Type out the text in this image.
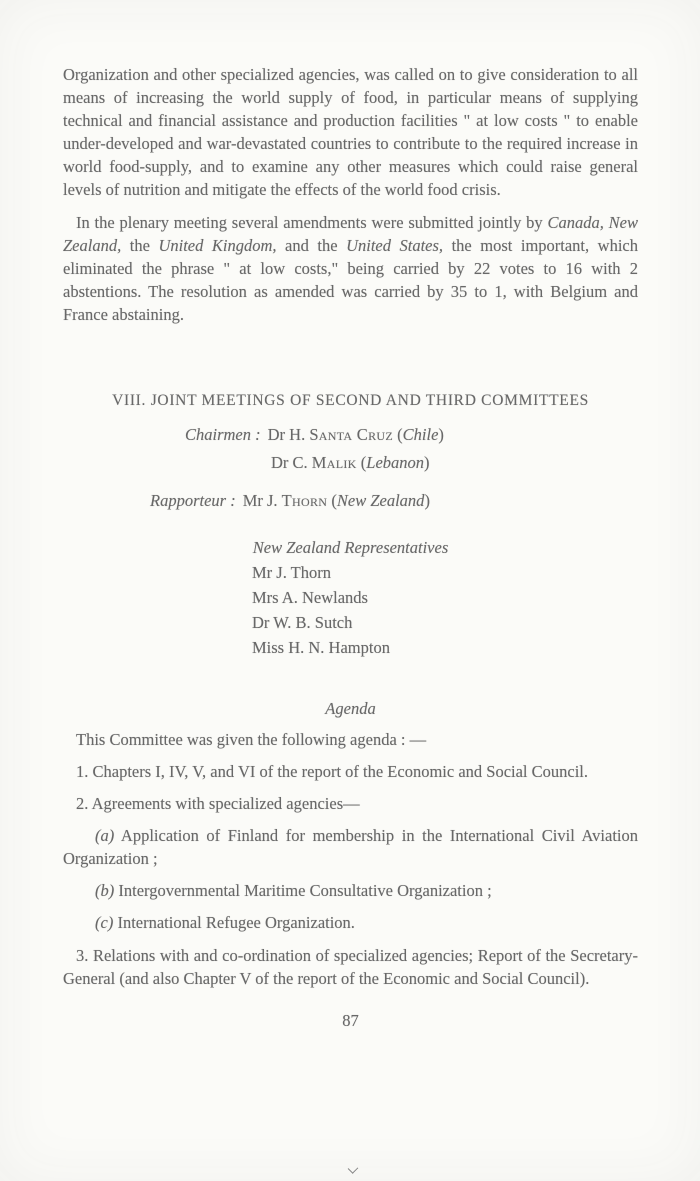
Organization and other specialized agencies, was called on to give consideration to all means of increasing the world supply of food, in particular means of supplying technical and financial assistance and production facilities " at low costs " to enable under-developed and war-devastated countries to contribute to the required increase in world food-supply, and to examine any other measures which could raise general levels of nutrition and mitigate the effects of the world food crisis.

In the plenary meeting several amendments were submitted jointly by Canada, New Zealand, the United Kingdom, and the United States, the most important, which eliminated the phrase " at low costs," being carried by 22 votes to 16 with 2 abstentions. The resolution as amended was carried by 35 to 1, with Belgium and France abstaining.

VIII. JOINT MEETINGS OF SECOND AND THIRD COMMITTEES
Chairmen : Dr H. Santa Cruz (Chile)
Dr C. Malik (Lebanon)
Rapporteur : Mr J. Thorn (New Zealand)
New Zealand Representatives
Mr J. Thorn
Mrs A. Newlands
Dr W. B. Sutch
Miss H. N. Hampton
Agenda

This Committee was given the following agenda : —

1. Chapters I, IV, V, and VI of the report of the Economic and Social Council.

2. Agreements with specialized agencies—

(a) Application of Finland for membership in the International Civil Aviation Organization ;

(b) Intergovernmental Maritime Consultative Organization ;

(c) International Refugee Organization.

3. Relations with and co-ordination of specialized agencies; Report of the Secretary-General (and also Chapter V of the report of the Economic and Social Council).

87
